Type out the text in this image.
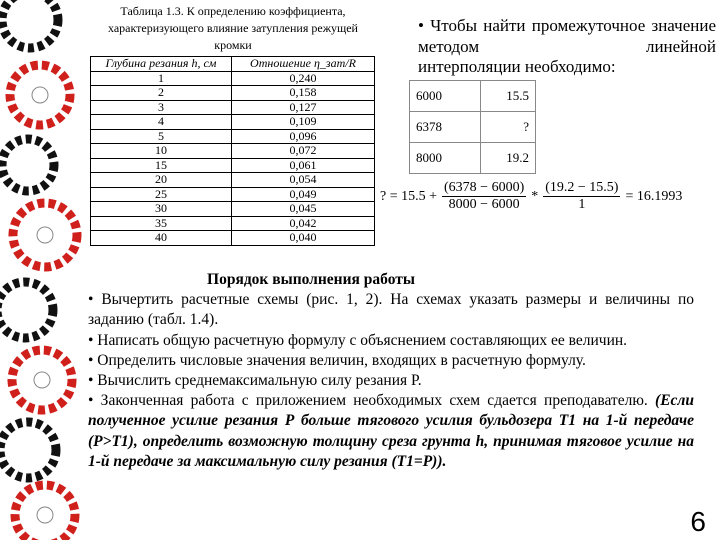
Таблица 1.3. К определению коэффициента, характеризующего влияние затупления режущей кромки
Глубина резания h, см	Отношение η_зат/R
1	0,240
2	0,158
3	0,127
4	0,109
5	0,096
10	0,072
15	0,061
20	0,054
25	0,049
30	0,045
35	0,042
40	0,040
• Чтобы найти промежуточное значение методом линейной
интерполяции необходимо:
6000	15.5
6378	?
8000	19.2
? = $15.5 + \frac{(6378 - 6000)}{8000 - 6000} * \frac{(19.2 - 15.5)}{1} = 16.1993$
Порядок выполнения работы
• Вычертить расчетные схемы (рис. 1, 2). На схемах указать размеры и величины по заданию (табл. 1.4).
• Написать общую расчетную формулу с объяснением составляющих ее величин.
• Определить числовые значения величин, входящих в расчетную формулу.
• Вычислить среднемаксимальную силу резания Р.
• Законченная работа с приложением необходимых схем сдается преподавателю. (Если полученное усилие резания Р больше тягового усилия бульдозера Т1 на 1-й передаче (Р>Т1), определить возможную толщину среза грунта h, принимая тяговое усилие на 1-й передаче за максимальную силу резания (Т1=Р)).
6
